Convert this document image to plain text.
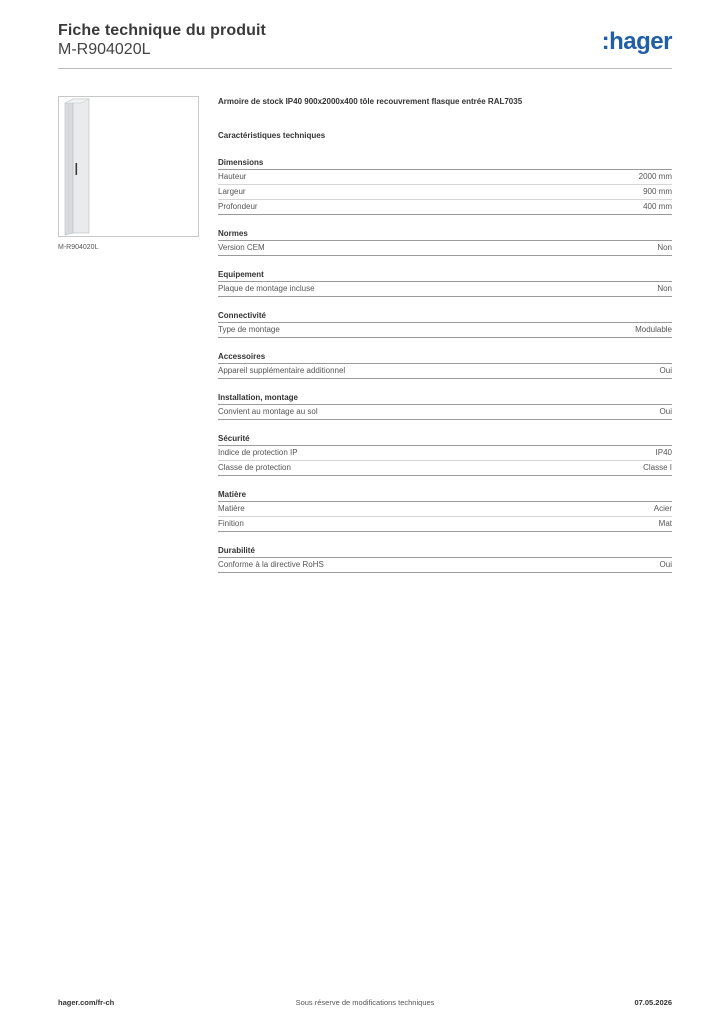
Fiche technique du produit
M-R904020L	:hager
M-R904020L
Armoire de stock IP40 900x2000x400 tôle recouvrement flasque entrée RAL7035
Caractéristiques techniques
Dimensions
Hauteur	2000 mm
Largeur	900 mm
Profondeur	400 mm
Normes
Version CEM	Non
Equipement
Plaque de montage incluse	Non
Connectivité
Type de montage	Modulable
Accessoires
Appareil supplémentaire additionnel	Oui
Installation, montage
Convient au montage au sol	Oui
Sécurité
Indice de protection IP	IP40
Classe de protection	Classe I
Matière
Matière	Acier
Finition	Mat
Durabilité
Conforme à la directive RoHS	Oui
hager.com/fr-ch	Sous réserve de modifications techniques	07.05.2026
